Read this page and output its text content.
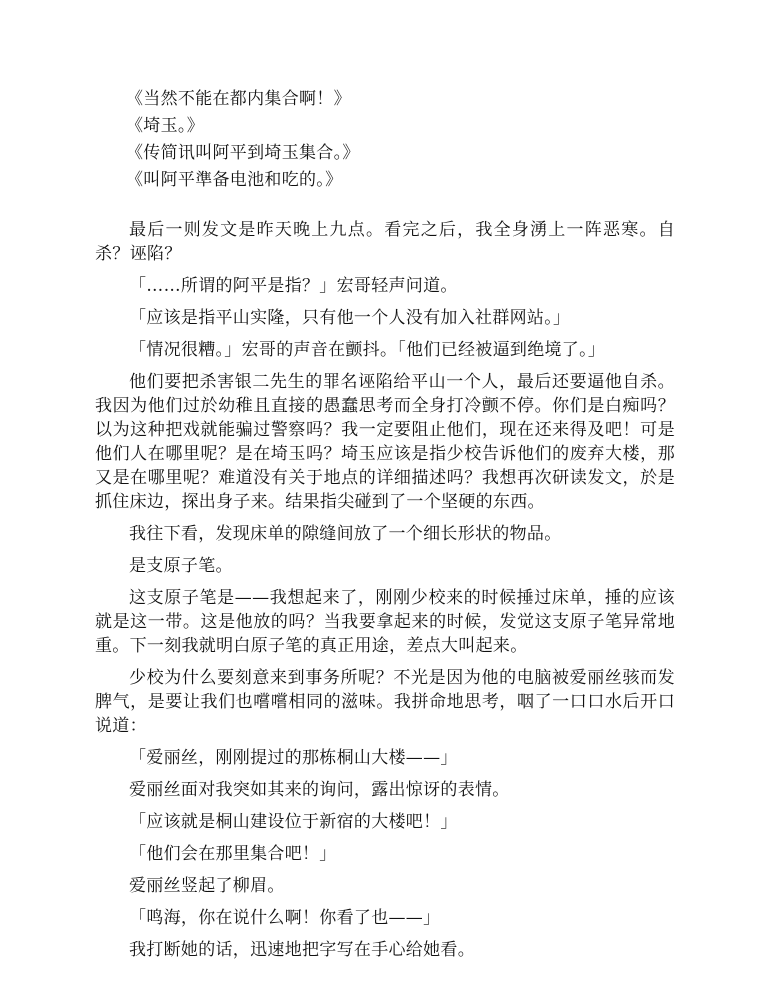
《当然不能在都内集合啊！》
《埼玉。》
《传简讯叫阿平到埼玉集合。》
《叫阿平準备电池和吃的。》

最后一则发文是昨天晚上九点。看完之后，我全身湧上一阵恶寒。自杀？诬陷？

「……所谓的阿平是指？」宏哥轻声问道。

「应该是指平山实隆，只有他一个人没有加入社群网站。」

「情况很糟。」宏哥的声音在颤抖。「他们已经被逼到绝境了。」

他们要把杀害银二先生的罪名诬陷给平山一个人，最后还要逼他自杀。我因为他们过於幼稚且直接的愚蠢思考而全身打冷颤不停。你们是白痴吗？以为这种把戏就能骗过警察吗？我一定要阻止他们，现在还来得及吧！可是他们人在哪里呢？是在埼玉吗？埼玉应该是指少校告诉他们的废弃大楼，那又是在哪里呢？难道没有关于地点的详细描述吗？我想再次研读发文，於是抓住床边，探出身子来。结果指尖碰到了一个坚硬的东西。

我往下看，发现床单的隙缝间放了一个细长形状的物品。

是支原子笔。

这支原子笔是——我想起来了，刚刚少校来的时候捶过床单，捶的应该就是这一带。这是他放的吗？当我要拿起来的时候，发觉这支原子笔异常地重。下一刻我就明白原子笔的真正用途，差点大叫起来。

少校为什么要刻意来到事务所呢？不光是因为他的电脑被爱丽丝骇而发脾气，是要让我们也嚐嚐相同的滋味。我拼命地思考，咽了一口口水后开口说道：

「爱丽丝，刚刚提过的那栋桐山大楼——」

爱丽丝面对我突如其来的询问，露出惊讶的表情。

「应该就是桐山建设位于新宿的大楼吧！」

「他们会在那里集合吧！」

爱丽丝竖起了柳眉。

「鸣海，你在说什么啊！你看了也——」

我打断她的话，迅速地把字写在手心给她看。
